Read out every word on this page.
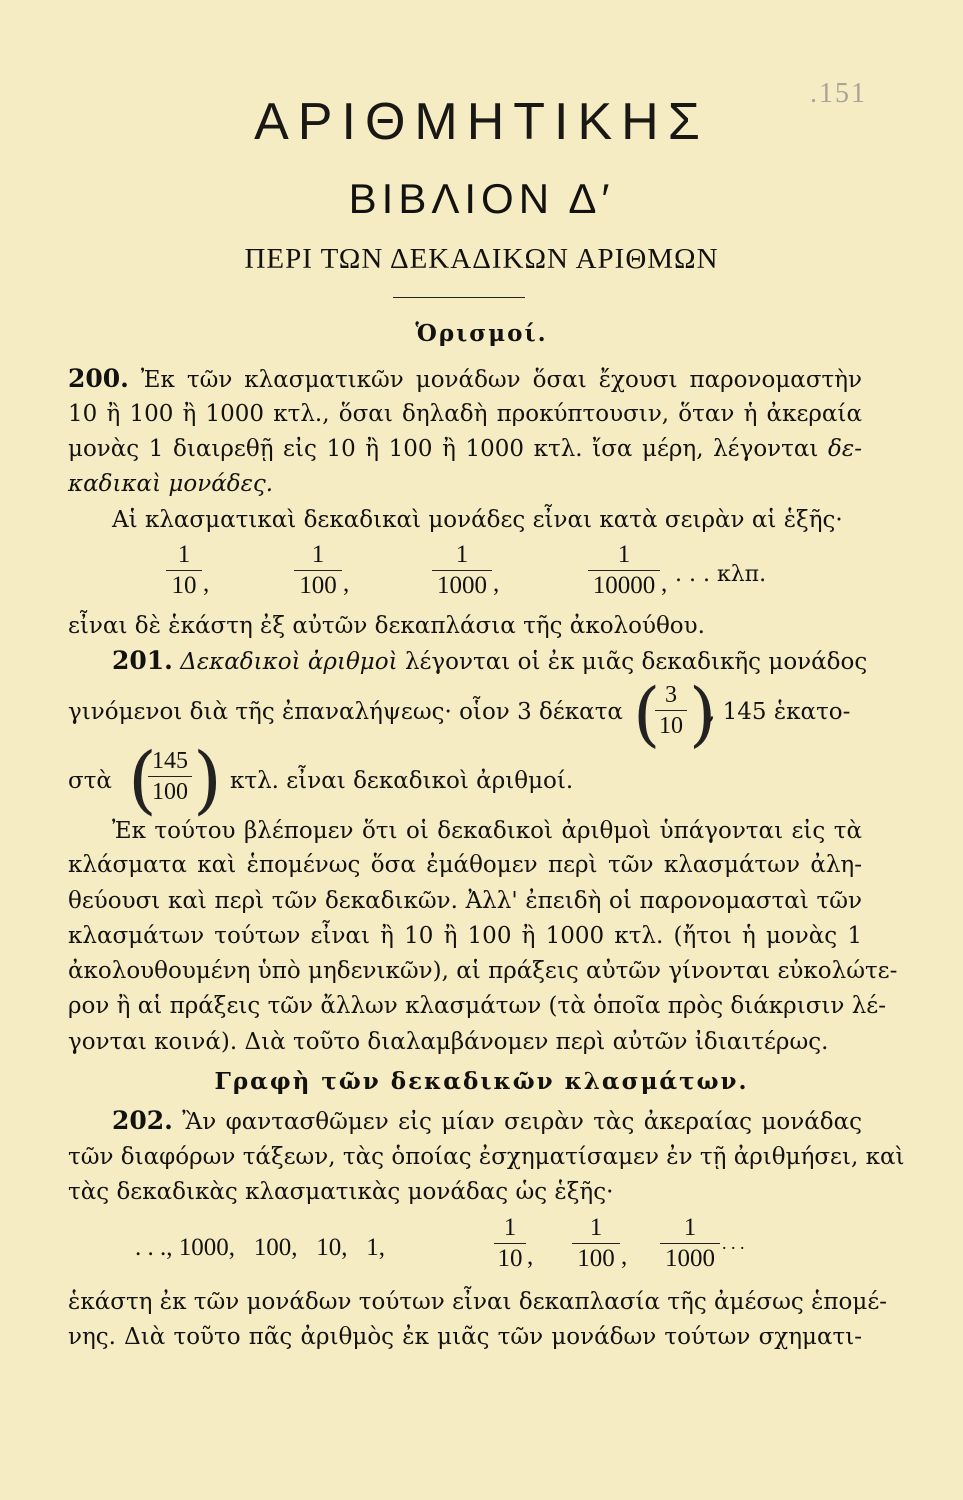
.151
ΑΡΙΘΜΗΤΙΚΗΣ
ΒΙΒΛΙΟΝ Δ′
ΠΕΡΙ ΤΩΝ ΔΕΚΑΔΙΚΩΝ ΑΡΙΘΜΩΝ
Ὁρισμοί.
200. Ἐκ τῶν κλασματικῶν μονάδων ὅσαι ἔχουσι παρονομαστὴν
10 ἢ 100 ἢ 1000 κτλ., ὅσαι δηλαδὴ προκύπτουσιν, ὅταν ἡ ἀκεραία
μονὰς 1 διαιρεθῇ εἰς 10 ἢ 100 ἢ 1000 κτλ. ἴσα μέρη, λέγονται δε-
καδικαὶ μονάδες.
Αἱ κλασματικαὶ δεκαδικαὶ μονάδες εἶναι κατὰ σειρὰν αἱ ἑξῆς·
1
10 ,
1
100 ,
1
1000 ,
1
10000 , . . . κλπ.
εἶναι δὲ ἑκάστη ἐξ αὐτῶν δεκαπλάσια τῆς ἀκολούθου.
201. Δεκαδικοὶ ἀριθμοὶ λέγονται οἱ ἐκ μιᾶς δεκαδικῆς μονάδος
γινόμενοι διὰ τῆς ἐπαναλήψεως· οἷον 3 δέκατα ( 3
10 )
, 145 ἑκατο-
στὰ (
145
100 ) κτλ. εἶναι δεκαδικοὶ ἀριθμοί.
Ἐκ τούτου βλέπομεν ὅτι οἱ δεκαδικοὶ ἀριθμοὶ ὑπάγονται εἰς τὰ
κλάσματα καὶ ἑπομένως ὅσα ἐμάθομεν περὶ τῶν κλασμάτων ἀλη-
θεύουσι καὶ περὶ τῶν δεκαδικῶν. Ἀλλ' ἐπειδὴ οἱ παρονομασταὶ τῶν
κλασμάτων τούτων εἶναι ἢ 10 ἢ 100 ἢ 1000 κτλ. (ἤτοι ἡ μονὰς 1
ἀκολουθουμένη ὑπὸ μηδενικῶν), αἱ πράξεις αὐτῶν γίνονται εὐκολώτε-
ρον ἢ αἱ πράξεις τῶν ἄλλων κλασμάτων (τὰ ὁποῖα πρὸς διάκρισιν λέ-
γονται κοινά). Διὰ τοῦτο διαλαμβάνομεν περὶ αὐτῶν ἰδιαιτέρως.
Γραφὴ τῶν δεκαδικῶν κλασμάτων.
202. Ἂν φαντασθῶμεν εἰς μίαν σειρὰν τὰς ἀκεραίας μονάδας
τῶν διαφόρων τάξεων, τὰς ὁποίας ἐσχηματίσαμεν ἐν τῇ ἀριθμήσει, καὶ
τὰς δεκαδικὰς κλασματικὰς μονάδας ὡς ἑξῆς·
. . ., 1000,   100,   10,   1,
1
10 ,
1
100 ,
1
1000
. . .
ἑκάστη ἐκ τῶν μονάδων τούτων εἶναι δεκαπλασία τῆς ἀμέσως ἑπομέ-
νης. Διὰ τοῦτο πᾶς ἀριθμὸς ἐκ μιᾶς τῶν μονάδων τούτων σχηματι-
